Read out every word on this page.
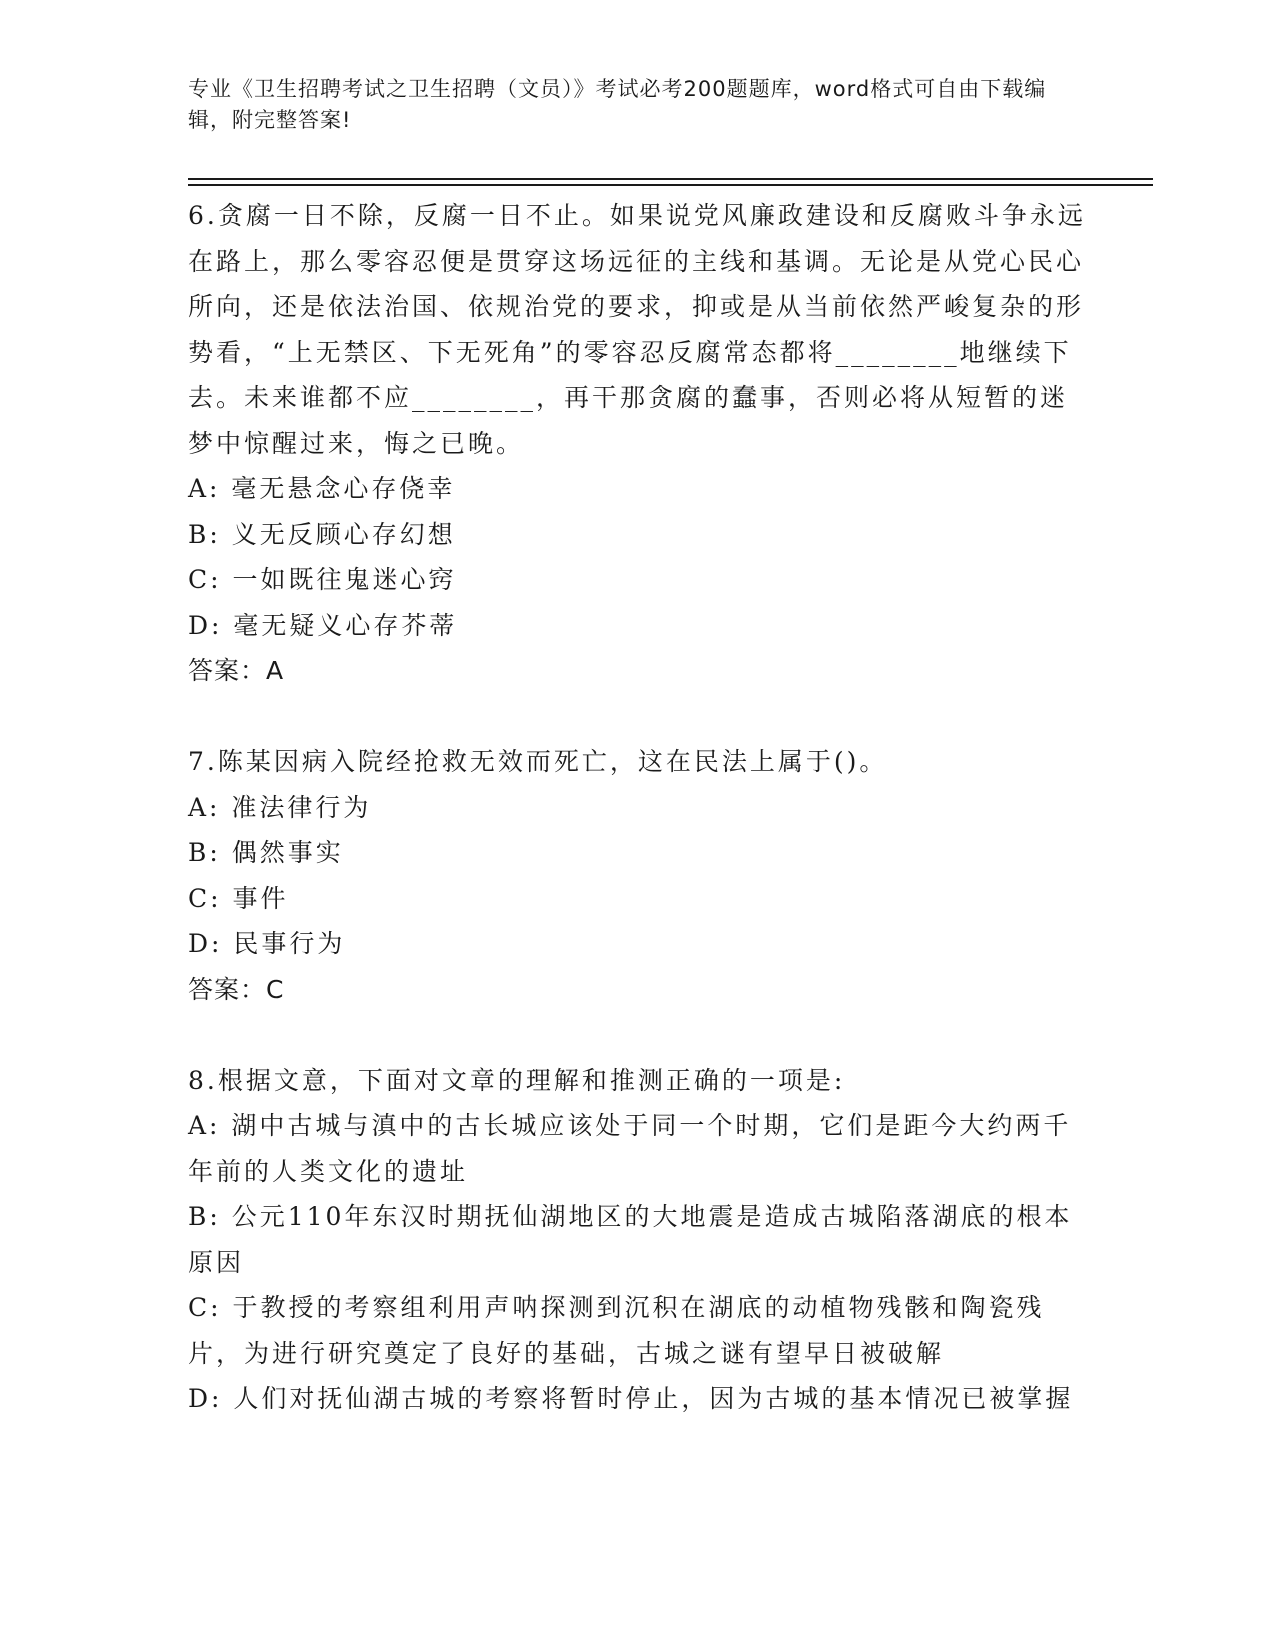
专业《卫生招聘考试之卫生招聘（文员）》考试必考200题题库，word格式可自由下载编辑，附完整答案!

6.贪腐一日不除，反腐一日不止。如果说党风廉政建设和反腐败斗争永远在路上，那么零容忍便是贯穿这场远征的主线和基调。无论是从党心民心所向，还是依法治国、依规治党的要求，抑或是从当前依然严峻复杂的形势看，“上无禁区、下无死角”的零容忍反腐常态都将________地继续下去。未来谁都不应________，再干那贪腐的蠢事，否则必将从短暂的迷梦中惊醒过来，悔之已晚。

A: 毫无悬念心存侥幸

B: 义无反顾心存幻想

C: 一如既往鬼迷心窍

D: 毫无疑义心存芥蒂

答案：A

7.陈某因病入院经抢救无效而死亡，这在民法上属于()。

A: 准法律行为

B: 偶然事实

C: 事件

D: 民事行为

答案：C

8.根据文意，下面对文章的理解和推测正确的一项是:

A: 湖中古城与滇中的古长城应该处于同一个时期，它们是距今大约两千年前的人类文化的遗址

B: 公元110年东汉时期抚仙湖地区的大地震是造成古城陷落湖底的根本原因

C: 于教授的考察组利用声呐探测到沉积在湖底的动植物残骸和陶瓷残片，为进行研究奠定了良好的基础，古城之谜有望早日被破解

D: 人们对抚仙湖古城的考察将暂时停止，因为古城的基本情况已被掌握
